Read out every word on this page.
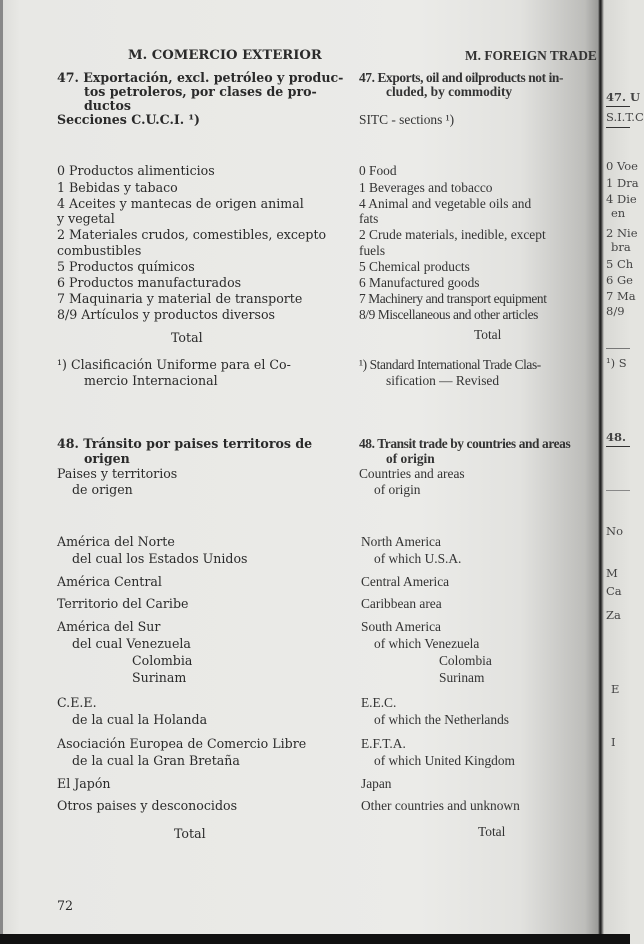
M. COMERCIO EXTERIOR
47. Exportación, excl. petróleo y produc-
tos petroleros, por clases de pro-
ductos
Secciones C.U.C.I. ¹)
0 Productos alimenticios
1 Bebidas y tabaco
4 Aceites y mantecas de origen animal
y vegetal
2 Materiales crudos, comestibles, excepto
combustibles
5 Productos químicos
6 Productos manufacturados
7 Maquinaria y material de transporte
8/9 Artículos y productos diversos
Total
¹) Clasificación Uniforme para el Co-
mercio Internacional
48. Tránsito por paises territoros de
origen
Paises y territorios
de origen
América del Norte
del cual los Estados Unidos
América Central
Territorio del Caribe
América del Sur
del cual Venezuela
Colombia
Surinam
C.E.E.
de la cual la Holanda
Asociación Europea de Comercio Libre
de la cual la Gran Bretaña
El Japón
Otros paises y desconocidos
Total
72
M. FOREIGN TRADE
47. Exports, oil and oilproducts not in-
cluded, by commodity
SITC - sections ¹)
0 Food
1 Beverages and tobacco
4 Animal and vegetable oils and
fats
2 Crude materials, inedible, except
fuels
5 Chemical products
6 Manufactured goods
7 Machinery and transport equipment
8/9 Miscellaneous and other articles
Total
¹) Standard International Trade Clas-
sification — Revised
48. Transit trade by countries and areas
of origin
Countries and areas
of origin
North America
of which U.S.A.
Central America
Caribbean area
South America
of which Venezuela
Colombia
Surinam
E.E.C.
of which the Netherlands
E.F.T.A.
of which United Kingdom
Japan
Other countries and unknown
Total
47. U
S.I.T.C
0 Voe
1 Dra
4 Die
en
2 Nie
bra
5 Ch
6 Ge
7 Ma
8/9
¹) S
48.
No
M
Ca
Za
E
I
